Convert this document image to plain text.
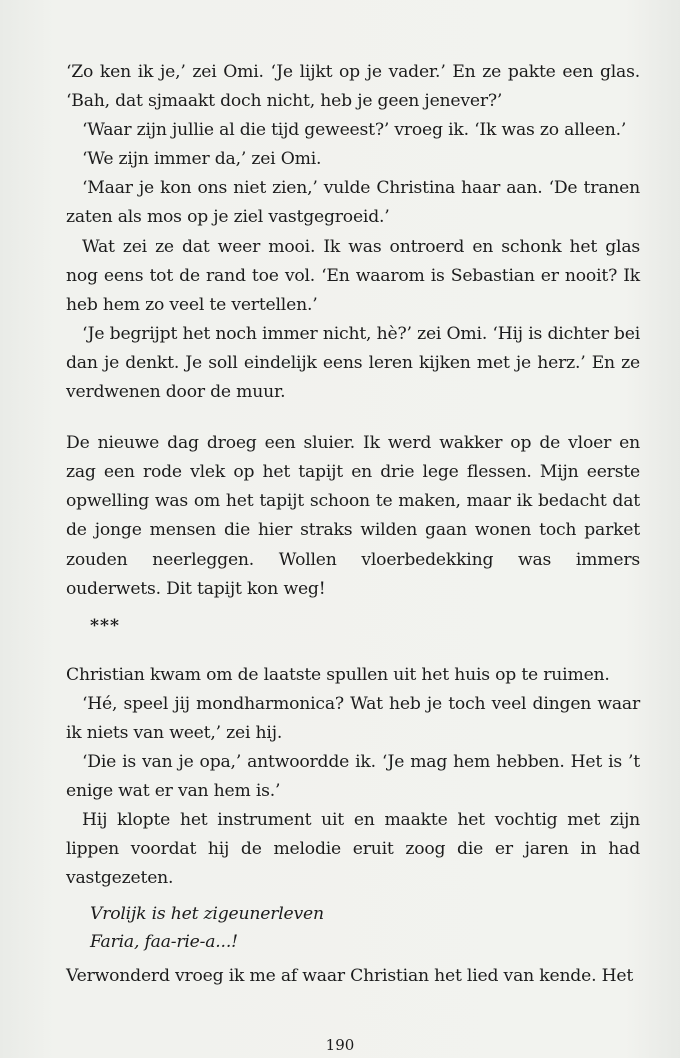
‘Zo ken ik je,’ zei Omi. ‘Je lijkt op je vader.’ En ze pakte een glas. ‘Bah, dat sjmaakt doch nicht, heb je geen jenever?’

‘Waar zijn jullie al die tijd geweest?’ vroeg ik. ‘Ik was zo alleen.’

‘We zijn immer da,’ zei Omi.

‘Maar je kon ons niet zien,’ vulde Christina haar aan. ‘De tranen zaten als mos op je ziel vastgegroeid.’

Wat zei ze dat weer mooi. Ik was ontroerd en schonk het glas nog eens tot de rand toe vol. ‘En waarom is Sebastian er nooit? Ik heb hem zo veel te vertellen.’

‘Je begrijpt het noch immer nicht, hè?’ zei Omi. ‘Hij is dichter bei dan je denkt. Je soll eindelijk eens leren kijken met je herz.’ En ze verdwenen door de muur.

De nieuwe dag droeg een sluier. Ik werd wakker op de vloer en zag een rode vlek op het tapijt en drie lege flessen. Mijn eerste opwelling was om het tapijt schoon te maken, maar ik bedacht dat de jonge mensen die hier straks wilden gaan wonen toch parket zouden neerleggen. Wollen vloerbedekking was immers ouderwets. Dit tapijt kon weg!

***

Christian kwam om de laatste spullen uit het huis op te ruimen.

‘Hé, speel jij mondharmonica? Wat heb je toch veel dingen waar ik niets van weet,’ zei hij.

‘Die is van je opa,’ antwoordde ik. ‘Je mag hem hebben. Het is ’t enige wat er van hem is.’

Hij klopte het instrument uit en maakte het vochtig met zijn lippen voordat hij de melodie eruit zoog die er jaren in had vastgezeten.

Vrolijk is het zigeunerleven
Faria, faa-rie-a...!

Verwonderd vroeg ik me af waar Christian het lied van kende. Het

190
